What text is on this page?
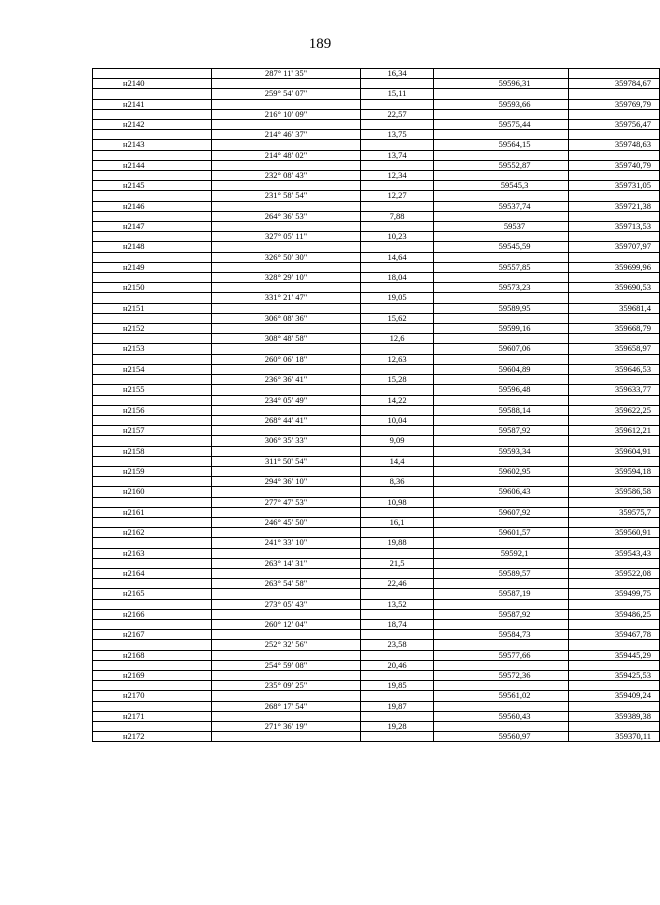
189
	287° 11' 35"	16,34		
н2140			59596,31	359784,67
	259° 54' 07"	15,11		
н2141			59593,66	359769,79
	216° 10' 09"	22,57		
н2142			59575,44	359756,47
	214° 46' 37"	13,75		
н2143			59564,15	359748,63
	214° 48' 02"	13,74		
н2144			59552,87	359740,79
	232° 08' 43"	12,34		
н2145			59545,3	359731,05
	231° 58' 54"	12,27		
н2146			59537,74	359721,38
	264° 36' 53"	7,88		
н2147			59537	359713,53
	327° 05' 11"	10,23		
н2148			59545,59	359707,97
	326° 50' 30"	14,64		
н2149			59557,85	359699,96
	328° 29' 10"	18,04		
н2150			59573,23	359690,53
	331° 21' 47"	19,05		
н2151			59589,95	359681,4
	306° 08' 36"	15,62		
н2152			59599,16	359668,79
	308° 48' 58"	12,6		
н2153			59607,06	359658,97
	260° 06' 18"	12,63		
н2154			59604,89	359646,53
	236° 36' 41"	15,28		
н2155			59596,48	359633,77
	234° 05' 49"	14,22		
н2156			59588,14	359622,25
	268° 44' 41"	10,04		
н2157			59587,92	359612,21
	306° 35' 33"	9,09		
н2158			59593,34	359604,91
	311° 50' 54"	14,4		
н2159			59602,95	359594,18
	294° 36' 10"	8,36		
н2160			59606,43	359586,58
	277° 47' 53"	10,98		
н2161			59607,92	359575,7
	246° 45' 50"	16,1		
н2162			59601,57	359560,91
	241° 33' 10"	19,88		
н2163			59592,1	359543,43
	263° 14' 31"	21,5		
н2164			59589,57	359522,08
	263° 54' 58"	22,46		
н2165			59587,19	359499,75
	273° 05' 43"	13,52		
н2166			59587,92	359486,25
	260° 12' 04"	18,74		
н2167			59584,73	359467,78
	252° 32' 56"	23,58		
н2168			59577,66	359445,29
	254° 59' 08"	20,46		
н2169			59572,36	359425,53
	235° 09' 25"	19,85		
н2170			59561,02	359409,24
	268° 17' 54"	19,87		
н2171			59560,43	359389,38
	271° 36' 19"	19,28		
н2172			59560,97	359370,11
